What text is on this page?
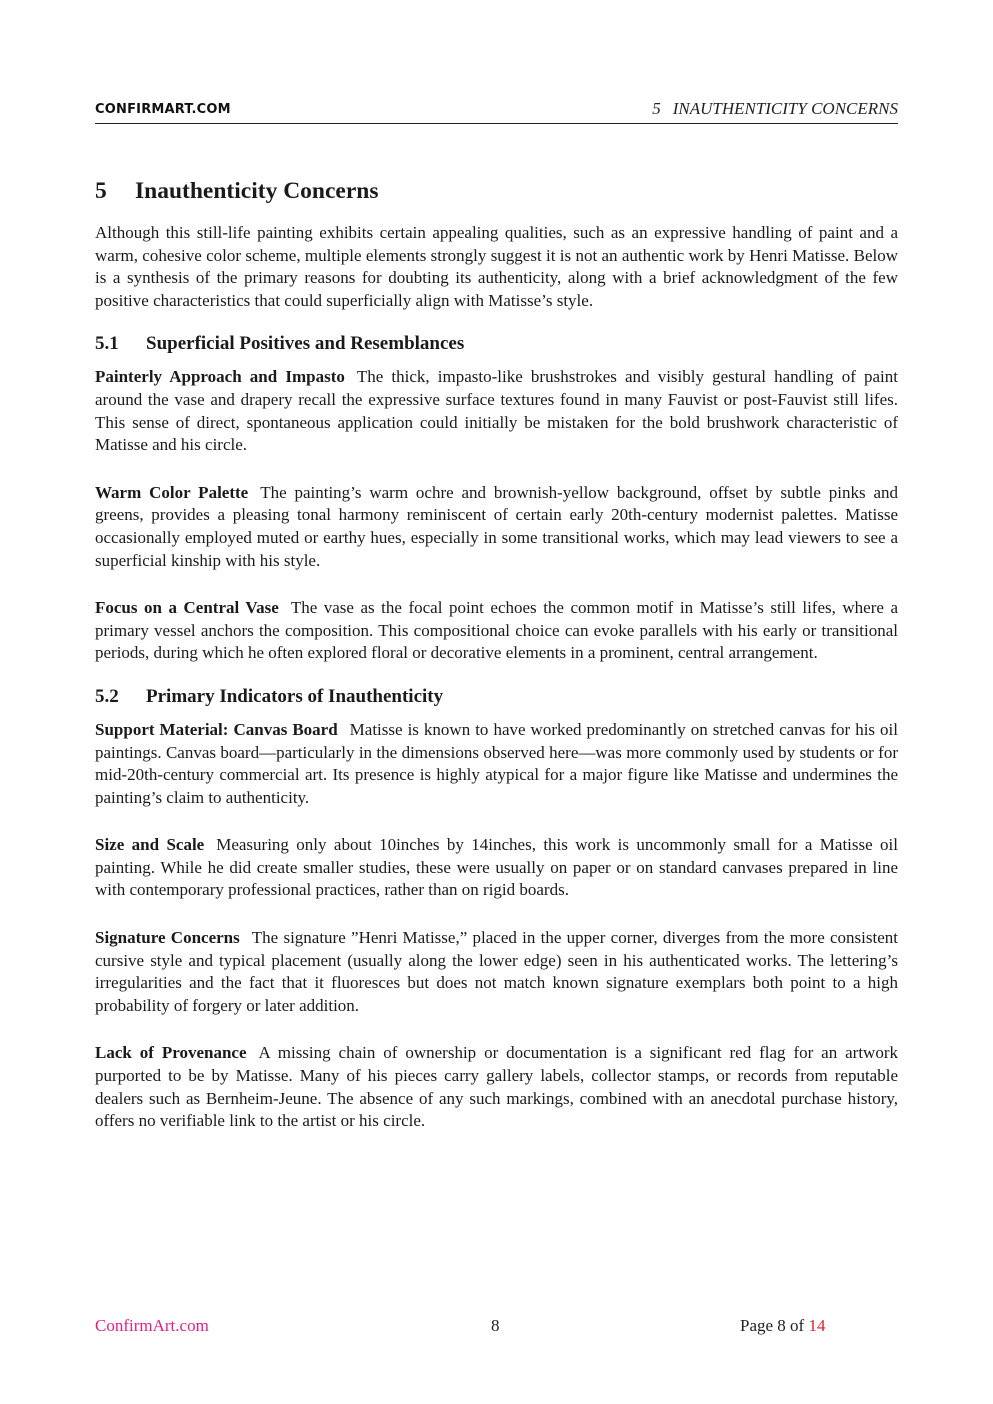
CONFIRMART.COM	5 INAUTHENTICITY CONCERNS
5 Inauthenticity Concerns

Although this still-life painting exhibits certain appealing qualities, such as an expressive handling of paint and a warm, cohesive color scheme, multiple elements strongly suggest it is not an authentic work by Henri Matisse. Below is a synthesis of the primary reasons for doubting its authenticity, along with a brief acknowledgment of the few positive characteristics that could superficially align with Matisse’s style.

5.1 Superficial Positives and Resemblances

Painterly Approach and Impasto The thick, impasto-like brushstrokes and visibly gestural handling of paint around the vase and drapery recall the expressive surface textures found in many Fauvist or post-Fauvist still lifes. This sense of direct, spontaneous application could initially be mistaken for the bold brushwork characteristic of Matisse and his circle.

Warm Color Palette The painting’s warm ochre and brownish-yellow background, offset by subtle pinks and greens, provides a pleasing tonal harmony reminiscent of certain early 20th-century modernist palettes. Matisse occasionally employed muted or earthy hues, especially in some transitional works, which may lead viewers to see a superficial kinship with his style.

Focus on a Central Vase The vase as the focal point echoes the common motif in Matisse’s still lifes, where a primary vessel anchors the composition. This compositional choice can evoke parallels with his early or transitional periods, during which he often explored floral or decorative elements in a prominent, central arrangement.

5.2 Primary Indicators of Inauthenticity

Support Material: Canvas Board Matisse is known to have worked predominantly on stretched canvas for his oil paintings. Canvas board—particularly in the dimensions observed here—was more commonly used by students or for mid-20th-century commercial art. Its presence is highly atypical for a major figure like Matisse and undermines the painting’s claim to authenticity.

Size and Scale Measuring only about 10inches by 14inches, this work is uncommonly small for a Matisse oil painting. While he did create smaller studies, these were usually on paper or on standard canvases prepared in line with contemporary professional practices, rather than on rigid boards.

Signature Concerns The signature ”Henri Matisse,” placed in the upper corner, diverges from the more consistent cursive style and typical placement (usually along the lower edge) seen in his authenticated works. The lettering’s irregularities and the fact that it fluoresces but does not match known signature exemplars both point to a high probability of forgery or later addition.

Lack of Provenance A missing chain of ownership or documentation is a significant red flag for an artwork purported to be by Matisse. Many of his pieces carry gallery labels, collector stamps, or records from reputable dealers such as Bernheim-Jeune. The absence of any such markings, combined with an anecdotal purchase history, offers no verifiable link to the artist or his circle.

ConfirmArt.com	8	Page 8 of 14
